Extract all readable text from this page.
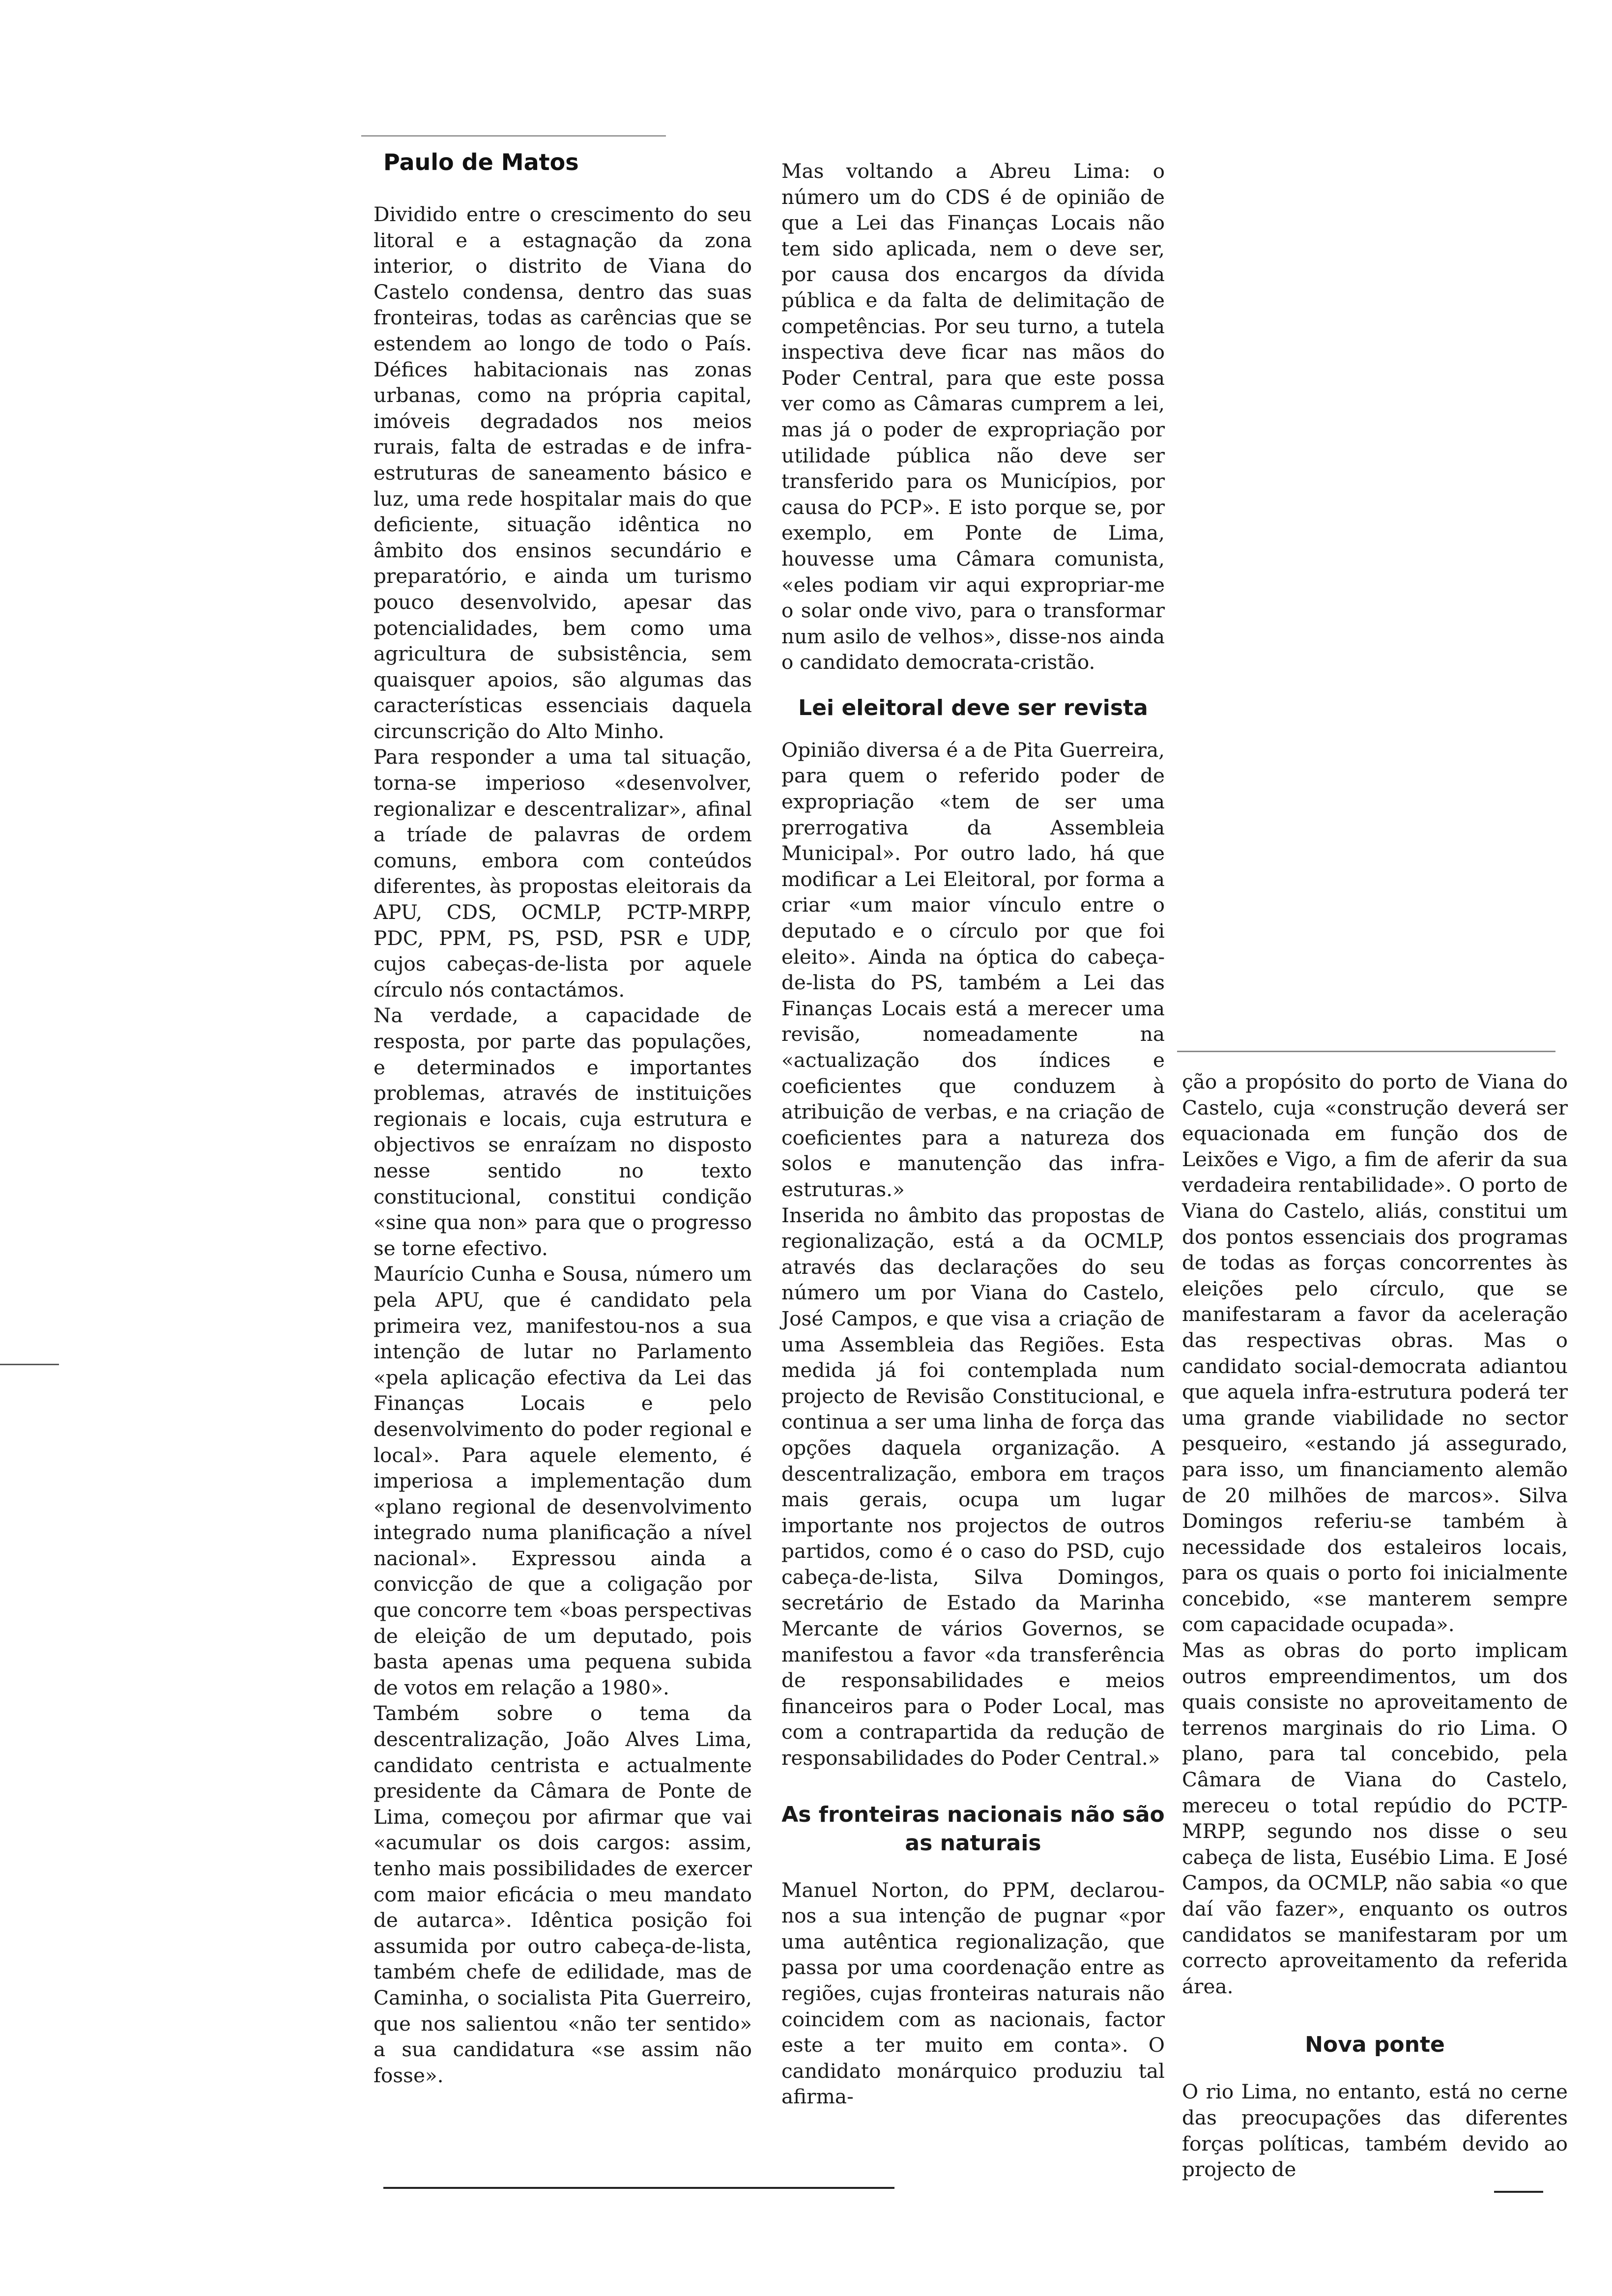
Paulo de Matos

Dividido entre o crescimento do seu litoral e a estagnação da zona interior, o distrito de Viana do Castelo condensa, dentro das suas fronteiras, todas as carências que se estendem ao longo de todo o País. Défices habitacionais nas zonas urbanas, como na própria capital, imóveis degradados nos meios rurais, falta de estradas e de infra-estruturas de saneamento básico e luz, uma rede hospitalar mais do que deficiente, situação idêntica no âmbito dos ensinos secundário e preparatório, e ainda um turismo pouco desenvolvido, apesar das potencialidades, bem como uma agricultura de subsistência, sem quaisquer apoios, são algumas das características essenciais daquela circunscrição do Alto Minho.

Para responder a uma tal situação, torna-se imperioso «desenvolver, regionalizar e descentralizar», afinal a tríade de palavras de ordem comuns, embora com conteúdos diferentes, às propostas eleitorais da APU, CDS, OCMLP, PCTP-MRPP, PDC, PPM, PS, PSD, PSR e UDP, cujos cabeças-de-lista por aquele círculo nós contactámos.

Na verdade, a capacidade de resposta, por parte das populações, e determinados e importantes problemas, através de instituições regionais e locais, cuja estrutura e objectivos se enraízam no disposto nesse sentido no texto constitucional, constitui condição «sine qua non» para que o progresso se torne efectivo.

Maurício Cunha e Sousa, número um pela APU, que é candidato pela primeira vez, manifestou-nos a sua intenção de lutar no Parlamento «pela aplicação efectiva da Lei das Finanças Locais e pelo desenvolvimento do poder regional e local». Para aquele elemento, é imperiosa a implementação dum «plano regional de desenvolvimento integrado numa planificação a nível nacional». Expressou ainda a convicção de que a coligação por que concorre tem «boas perspectivas de eleição de um deputado, pois basta apenas uma pequena subida de votos em relação a 1980».

Também sobre o tema da descentralização, João Alves Lima, candidato centrista e actualmente presidente da Câmara de Ponte de Lima, começou por afirmar que vai «acumular os dois cargos: assim, tenho mais possibilidades de exercer com maior eficácia o meu mandato de autarca». Idêntica posição foi assumida por outro cabeça-de-lista, também chefe de edilidade, mas de Caminha, o socialista Pita Guerreiro, que nos salientou «não ter sentido» a sua candidatura «se assim não fosse».

Mas voltando a Abreu Lima: o número um do CDS é de opinião de que a Lei das Finanças Locais não tem sido aplicada, nem o deve ser, por causa dos encargos da dívida pública e da falta de delimitação de competências. Por seu turno, a tutela inspectiva deve ficar nas mãos do Poder Central, para que este possa ver como as Câmaras cumprem a lei, mas já o poder de expropriação por utilidade pública não deve ser transferido para os Municípios, por causa do PCP». E isto porque se, por exemplo, em Ponte de Lima, houvesse uma Câmara comunista, «eles podiam vir aqui expropriar-me o solar onde vivo, para o transformar num asilo de velhos», disse-nos ainda o candidato democrata-cristão.

Lei eleitoral deve ser revista

Opinião diversa é a de Pita Guerreira, para quem o referido poder de expropriação «tem de ser uma prerrogativa da Assembleia Municipal». Por outro lado, há que modificar a Lei Eleitoral, por forma a criar «um maior vínculo entre o deputado e o círculo por que foi eleito». Ainda na óptica do cabeça-de-lista do PS, também a Lei das Finanças Locais está a merecer uma revisão, nomeadamente na «actualização dos índices e coeficientes que conduzem à atribuição de verbas, e na criação de coeficientes para a natureza dos solos e manutenção das infra-estruturas.»

Inserida no âmbito das propostas de regionalização, está a da OCMLP, através das declarações do seu número um por Viana do Castelo, José Campos, e que visa a criação de uma Assembleia das Regiões. Esta medida já foi contemplada num projecto de Revisão Constitucional, e continua a ser uma linha de força das opções daquela organização. A descentralização, embora em traços mais gerais, ocupa um lugar importante nos projectos de outros partidos, como é o caso do PSD, cujo cabeça-de-lista, Silva Domingos, secretário de Estado da Marinha Mercante de vários Governos, se manifestou a favor «da transferência de responsabilidades e meios financeiros para o Poder Local, mas com a contrapartida da redução de responsabilidades do Poder Central.»

As fronteiras nacionais não são as naturais

Manuel Norton, do PPM, declarou-nos a sua intenção de pugnar «por uma autêntica regionalização, que passa por uma coordenação entre as regiões, cujas fronteiras naturais não coincidem com as nacionais, factor este a ter muito em conta». O candidato monárquico produziu tal afirma-

ção a propósito do porto de Viana do Castelo, cuja «construção deverá ser equacionada em função dos de Leixões e Vigo, a fim de aferir da sua verdadeira rentabilidade». O porto de Viana do Castelo, aliás, constitui um dos pontos essenciais dos programas de todas as forças concorrentes às eleições pelo círculo, que se manifestaram a favor da aceleração das respectivas obras. Mas o candidato social-democrata adiantou que aquela infra-estrutura poderá ter uma grande viabilidade no sector pesqueiro, «estando já assegurado, para isso, um financiamento alemão de 20 milhões de marcos». Silva Domingos referiu-se também à necessidade dos estaleiros locais, para os quais o porto foi inicialmente concebido, «se manterem sempre com capacidade ocupada».

Mas as obras do porto implicam outros empreendimentos, um dos quais consiste no aproveitamento de terrenos marginais do rio Lima. O plano, para tal concebido, pela Câmara de Viana do Castelo, mereceu o total repúdio do PCTP-MRPP, segundo nos disse o seu cabeça de lista, Eusébio Lima. E José Campos, da OCMLP, não sabia «o que daí vão fazer», enquanto os outros candidatos se manifestaram por um correcto aproveitamento da referida área.

Nova ponte

O rio Lima, no entanto, está no cerne das preocupações das diferentes forças políticas, também devido ao projecto de
